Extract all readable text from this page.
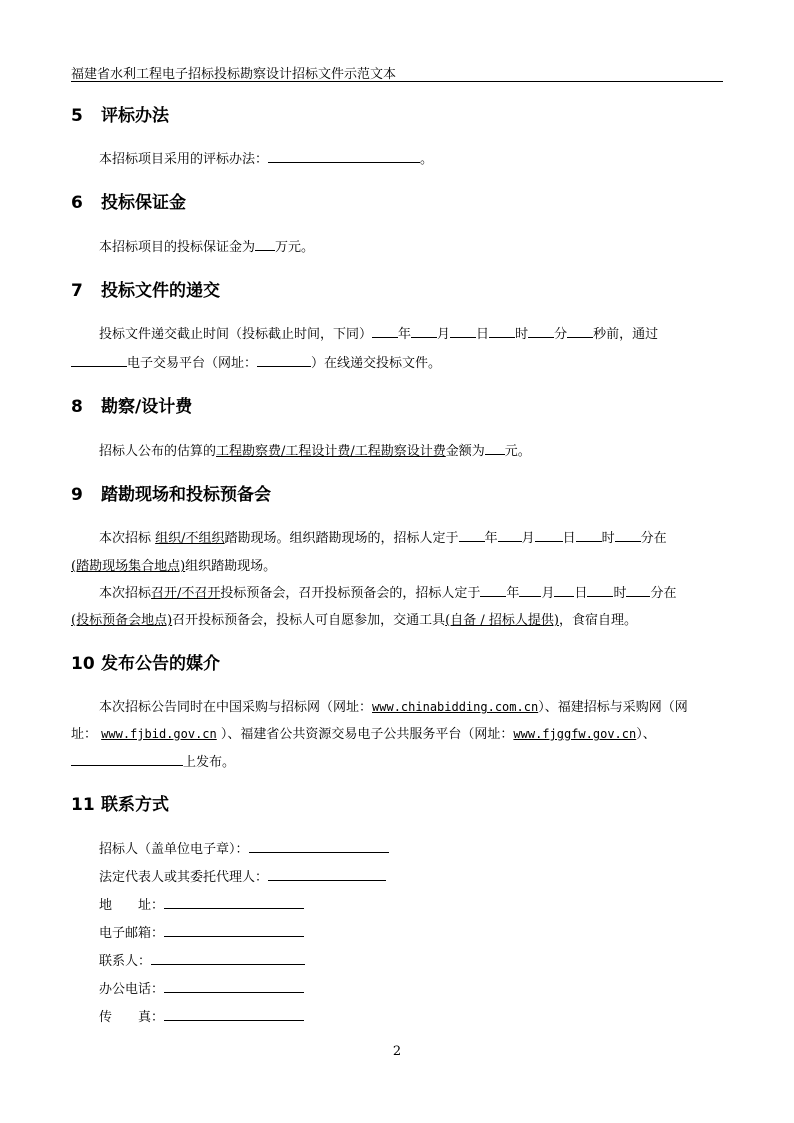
福建省水利工程电子招标投标勘察设计招标文件示范文本
5 评标办法
本招标项目采用的评标办法：	。
6 投标保证金
本招标项目的投标保证金为 万元。
7 投标文件的递交
投标文件递交截止时间（投标截止时间，下同） 年 月 日 时 分 秒前，通过
电子交易平台（网址：	）在线递交投标文件。
8 勘察/设计费
招标人公布的估算的工程勘察费/工程设计费/工程勘察设计费金额为 元。
9 踏勘现场和投标预备会
本次招标 组织/不组织踏勘现场。组织踏勘现场的，招标人定于 年 月 日 时 分在
(踏勘现场集合地点)组织踏勘现场。
本次招标召开/不召开投标预备会，召开投标预备会的，招标人定于 年 月 日 时 分在
(投标预备会地点)召开投标预备会，投标人可自愿参加，交通工具(自备 / 招标人提供)，食宿自理。
10 发布公告的媒介
本次招标公告同时在中国采购与招标网（网址：www.chinabidding.com.cn）、福建招标与采购网（网
址： www.fjbid.gov.cn ）、福建省公共资源交易电子公共服务平台（网址：www.fjggfw.gov.cn）、
上发布。
11 联系方式
招标人（盖单位电子章）：
法定代表人或其委托代理人：
地　　址：
电子邮箱：
联系人：
办公电话：
传　　真：
2
